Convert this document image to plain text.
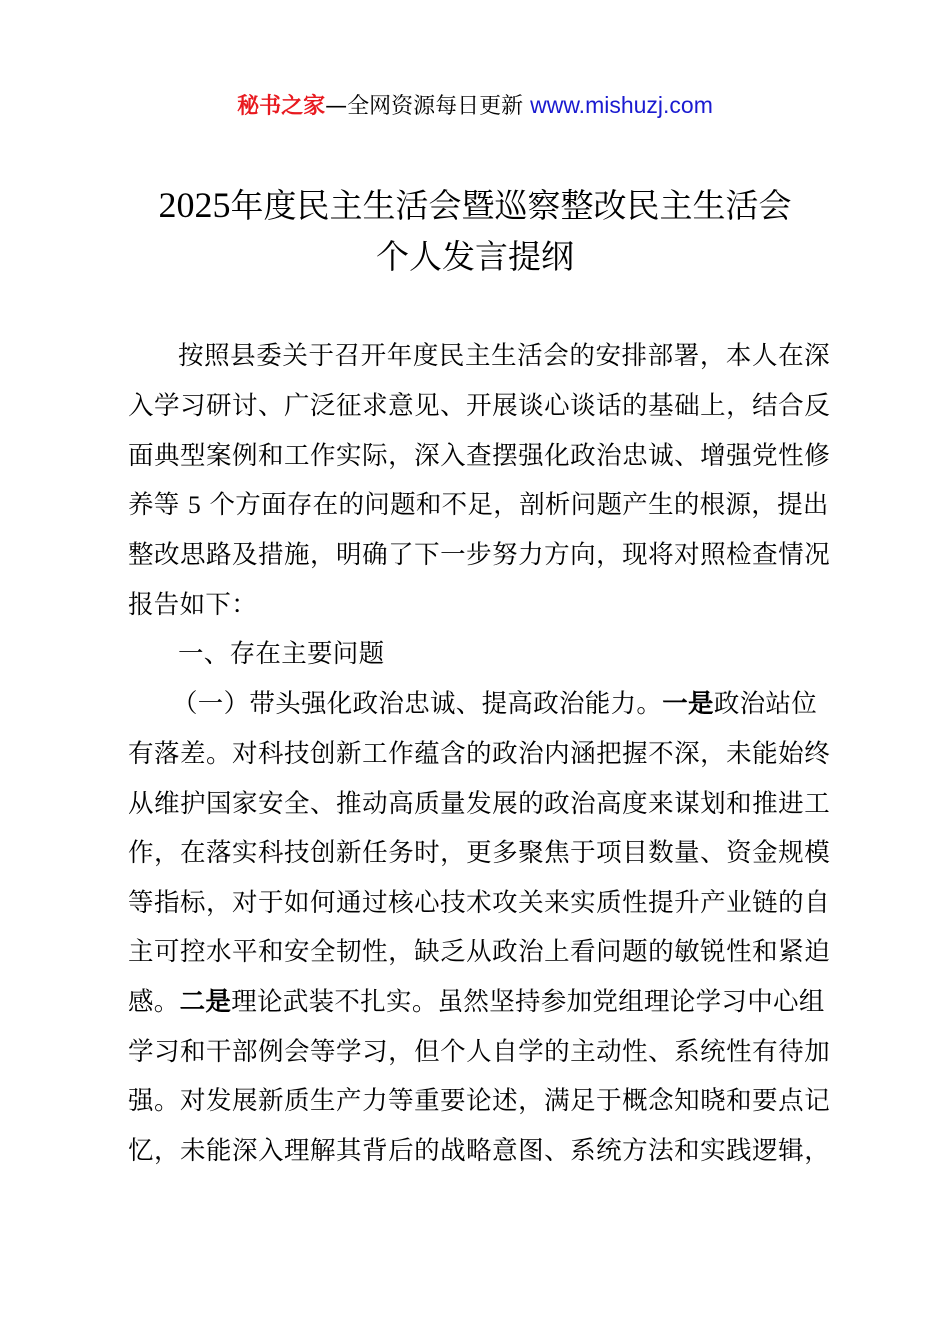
秘书之家—全网资源每日更新 www.mishuzj.com
2025年度民主生活会暨巡察整改民主生活会
个人发言提纲
按照县委关于召开年度民主生活会的安排部署，本人在深
入学习研讨、广泛征求意见、开展谈心谈话的基础上，结合反
面典型案例和工作实际，深入查摆强化政治忠诚、增强党性修
养等 5 个方面存在的问题和不足，剖析问题产生的根源，提出
整改思路及措施，明确了下一步努力方向，现将对照检查情况
报告如下：
一、存在主要问题
（一）带头强化政治忠诚、提高政治能力。一是政治站位
有落差。对科技创新工作蕴含的政治内涵把握不深，未能始终
从维护国家安全、推动高质量发展的政治高度来谋划和推进工
作，在落实科技创新任务时，更多聚焦于项目数量、资金规模
等指标，对于如何通过核心技术攻关来实质性提升产业链的自
主可控水平和安全韧性，缺乏从政治上看问题的敏锐性和紧迫
感。二是理论武装不扎实。虽然坚持参加党组理论学习中心组
学习和干部例会等学习，但个人自学的主动性、系统性有待加
强。对发展新质生产力等重要论述，满足于概念知晓和要点记
忆，未能深入理解其背后的战略意图、系统方法和实践逻辑，
